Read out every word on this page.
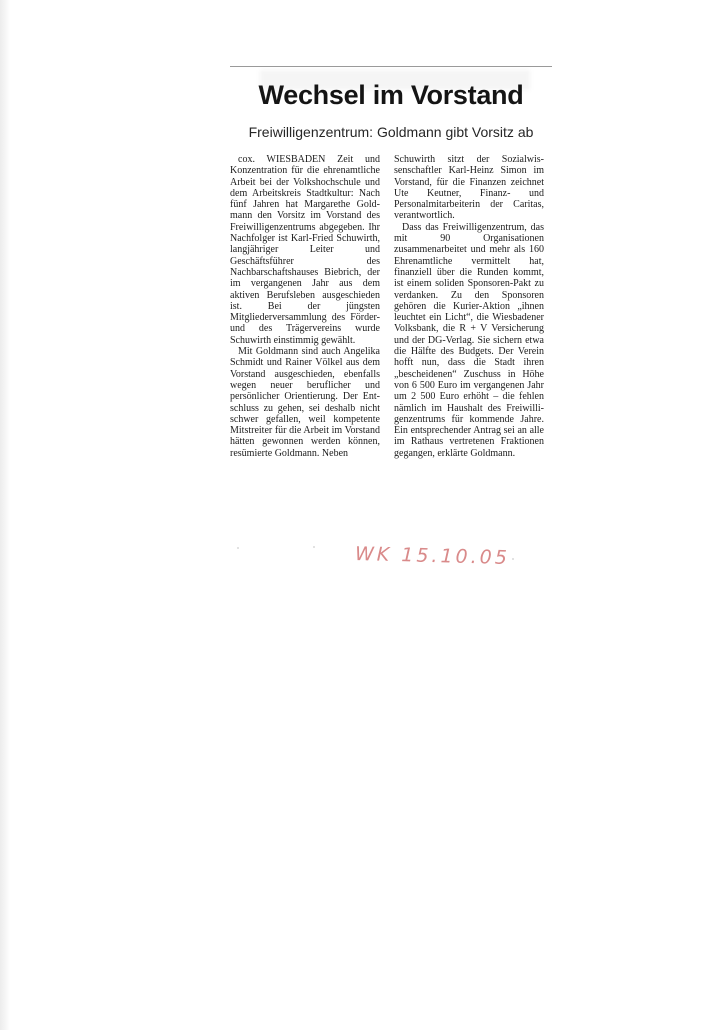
Wechsel im Vorstand
Freiwilligenzentrum: Goldmann gibt Vorsitz ab

cox. WIESBADEN Zeit und Konzentration für die ehrenamtliche Arbeit bei der Volkshochschule und dem Arbeitskreis Stadtkultur: Nach fünf Jahren hat Margarethe Goldmann den Vorsitz im Vorstand des Freiwilligenzentrums abgegeben. Ihr Nachfolger ist Karl-Fried Schuwirth, langjähriger Leiter und Geschäftsführer des Nachbarschaftshauses Biebrich, der im vergangenen Jahr aus dem aktiven Berufsleben ausgeschieden ist. Bei der jüngsten Mitgliederversammlung des Förder- und des Trägervereins wurde Schuwirth einstimmig gewählt.

Mit Goldmann sind auch Angelika Schmidt und Rainer Völkel aus dem Vorstand ausgeschieden, ebenfalls wegen neuer beruflicher und persönlicher Orientierung. Der Entschluss zu gehen, sei deshalb nicht schwer gefallen, weil kompetente Mitstreiter für die Arbeit im Vorstand hätten gewonnen werden können, resümierte Goldmann. Neben

Schuwirth sitzt der Sozialwissenschaftler Karl-Heinz Simon im Vorstand, für die Finanzen zeichnet Ute Keutner, Finanz- und Personalmitarbeiterin der Caritas, verantwortlich.

Dass das Freiwilligenzentrum, das mit 90 Organisationen zusammenarbeitet und mehr als 160 Ehrenamtliche vermittelt hat, finanziell über die Runden kommt, ist einem soliden Sponsoren-Pakt zu verdanken. Zu den Sponsoren gehören die Kurier-Aktion „ihnen leuchtet ein Licht“, die Wiesbadener Volksbank, die R + V Versicherung und der DG-Verlag. Sie sichern etwa die Hälfte des Budgets. Der Verein hofft nun, dass die Stadt ihren „bescheidenen“ Zuschuss in Höhe von 6 500 Euro im vergangenen Jahr um 2 500 Euro erhöht – die fehlen nämlich im Haushalt des Freiwilligenzentrums für kommende Jahre. Ein entsprechender Antrag sei an alle im Rathaus vertretenen Fraktionen gegangen, erklärte Goldmann.

WK 15.10.05
